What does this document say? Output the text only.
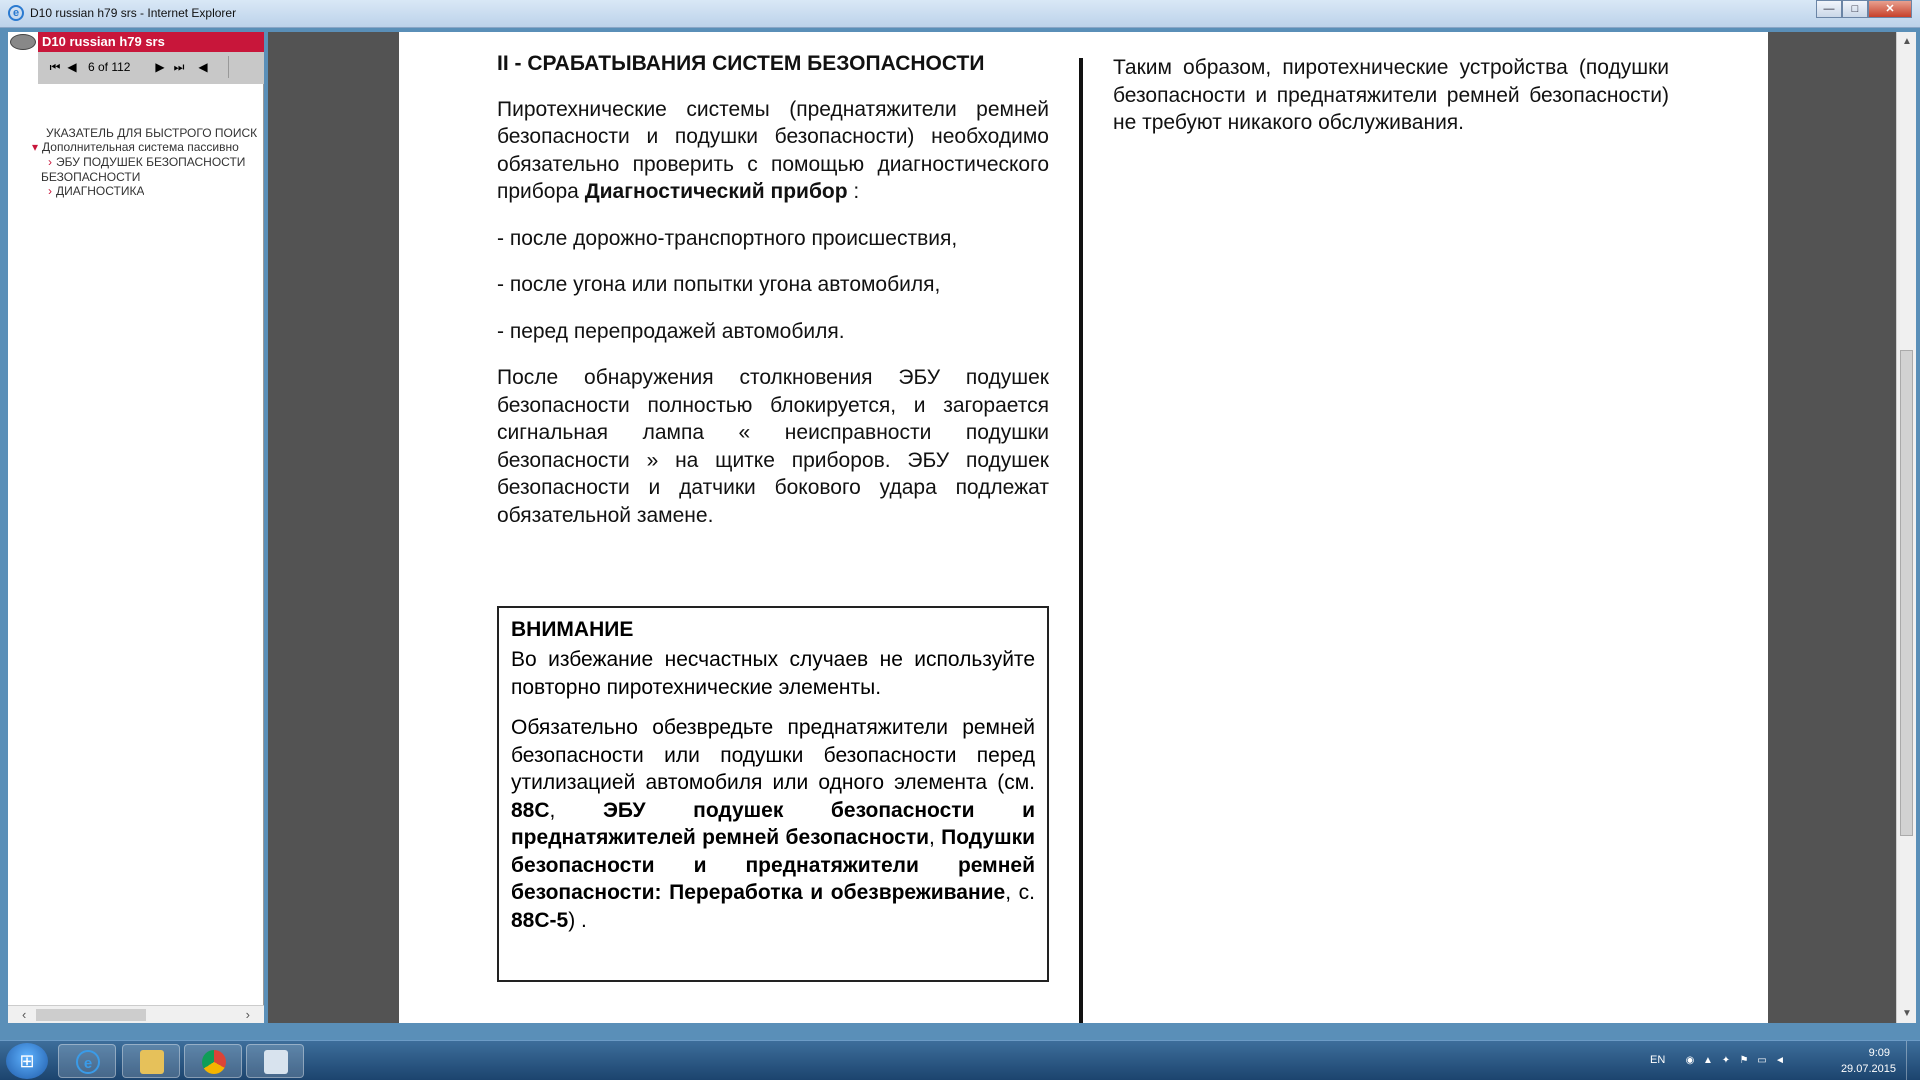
e D10 russian h79 srs - Internet Explorer	—	□	✕
D10 russian h79 srs
⏮ ◀ 6 of 112 ▶ ⏭ ◀
УКАЗАТЕЛЬ ДЛЯ БЫСТРОГО ПОИСК
▾ Дополнительная система пассивно
› ЭБУ ПОДУШЕК БЕЗОПАСНОСТИ
БЕЗОПАСНОСТИ
› ДИАГНОСТИКА
‹	›
II - СРАБАТЫВАНИЯ СИСТЕМ БЕЗОПАСНОСТИ

Пиротехнические системы (преднатяжители ремней безопасности и подушки безопасности) необходимо обязательно проверить с помощью диагностического прибора Диагностический прибор :

- после дорожно-транспортного происшествия,

- после угона или попытки угона автомобиля,

- перед перепродажей автомобиля.

После обнаружения столкновения ЭБУ подушек безопасности полностью блокируется, и загорается сигнальная лампа « неисправности подушки безопасности » на щитке приборов. ЭБУ подушек безопасности и датчики бокового удара подлежат обязательной замене.

ВНИМАНИЕ

Во избежание несчастных случаев не используйте повторно пиротехнические элементы.

Обязательно обезвредьте преднатяжители ремней безопасности или подушки безопасности перед утилизацией автомобиля или одного элемента (см. 88C, ЭБУ подушек безопасности и преднатяжителей ремней безопасности, Подушки безопасности и преднатяжители ремней безопасности: Переработка и обезвреживание, с. 88C-5) .

Таким образом, пиротехнические устройства (подушки безопасности и преднатяжители ремней безопасности) не требуют никакого обслуживания.
▲
▼
⊞	e	EN ◉ ▲ ✦ ⚑ ▭ ◄
9:09
29.07.2015
